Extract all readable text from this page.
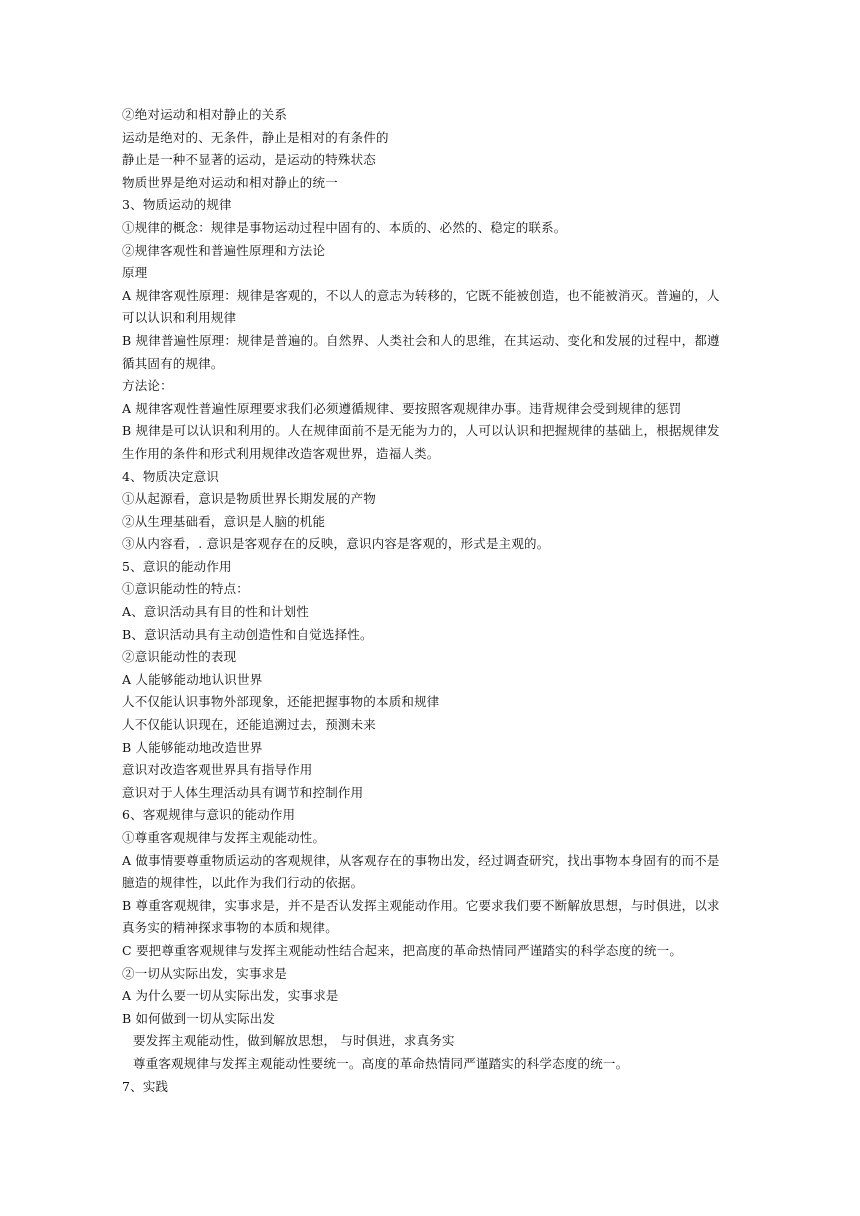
②绝对运动和相对静止的关系
运动是绝对的、无条件，静止是相对的有条件的
静止是一种不显著的运动，是运动的特殊状态
物质世界是绝对运动和相对静止的统一
3、物质运动的规律
①规律的概念：规律是事物运动过程中固有的、本质的、必然的、稳定的联系。
②规律客观性和普遍性原理和方法论
原理
A 规律客观性原理：规律是客观的，不以人的意志为转移的，它既不能被创造，也不能被消灭。普遍的，人
可以认识和利用规律
B 规律普遍性原理：规律是普遍的。自然界、人类社会和人的思维，在其运动、变化和发展的过程中，都遵
循其固有的规律。
方法论：
A 规律客观性普遍性原理要求我们必须遵循规律、要按照客观规律办事。违背规律会受到规律的惩罚
B 规律是可以认识和利用的。人在规律面前不是无能为力的，人可以认识和把握规律的基础上，根据规律发
生作用的条件和形式利用规律改造客观世界，造福人类。
4、物质决定意识
①从起源看，意识是物质世界长期发展的产物
②从生理基础看，意识是人脑的机能
③从内容看，. 意识是客观存在的反映，意识内容是客观的，形式是主观的。
5、意识的能动作用
①意识能动性的特点：
A、意识活动具有目的性和计划性
B、意识活动具有主动创造性和自觉选择性。
②意识能动性的表现
A 人能够能动地认识世界
人不仅能认识事物外部现象，还能把握事物的本质和规律
人不仅能认识现在，还能追溯过去，预测未来
B 人能够能动地改造世界
意识对改造客观世界具有指导作用
意识对于人体生理活动具有调节和控制作用
6、客观规律与意识的能动作用
①尊重客观规律与发挥主观能动性。
A 做事情要尊重物质运动的客观规律，从客观存在的事物出发，经过调查研究，找出事物本身固有的而不是
臆造的规律性，以此作为我们行动的依据。
B 尊重客观规律，实事求是，并不是否认发挥主观能动作用。它要求我们要不断解放思想，与时俱进，以求
真务实的精神探求事物的本质和规律。
C 要把尊重客观规律与发挥主观能动性结合起来，把高度的革命热情同严谨踏实的科学态度的统一。
②一切从实际出发，实事求是
A 为什么要一切从实际出发，实事求是
B 如何做到一切从实际出发
要发挥主观能动性，做到解放思想， 与时俱进，求真务实
尊重客观规律与发挥主观能动性要统一。高度的革命热情同严谨踏实的科学态度的统一。
7、实践
